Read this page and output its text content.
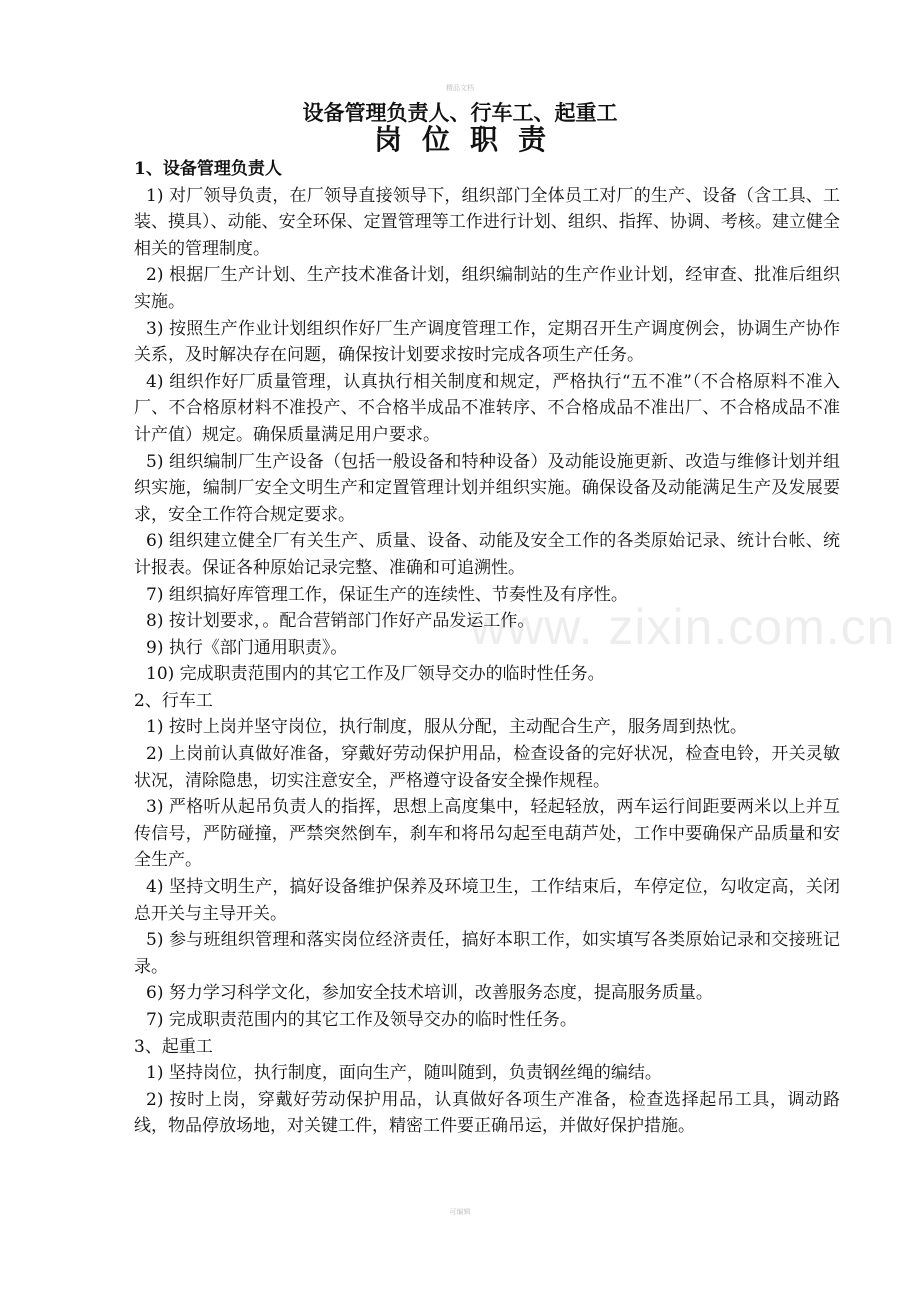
精品文档
www. zixin.com.cn
设备管理负责人、行车工、起重工
岗位职责

1、设备管理负责人

1) 对厂领导负责，在厂领导直接领导下，组织部门全体员工对厂的生产、设备（含工具、工装、摸具）、动能、安全环保、定置管理等工作进行计划、组织、指挥、协调、考核。建立健全相关的管理制度。

2) 根据厂生产计划、生产技术准备计划，组织编制站的生产作业计划，经审查、批准后组织实施。

3) 按照生产作业计划组织作好厂生产调度管理工作，定期召开生产调度例会，协调生产协作关系，及时解决存在问题，确保按计划要求按时完成各项生产任务。

4) 组织作好厂质量管理，认真执行相关制度和规定，严格执行“五不准”（不合格原料不准入厂、不合格原材料不准投产、不合格半成品不准转序、不合格成品不准出厂、不合格成品不准计产值）规定。确保质量满足用户要求。

5) 组织编制厂生产设备（包括一般设备和特种设备）及动能设施更新、改造与维修计划并组织实施，编制厂安全文明生产和定置管理计划并组织实施。确保设备及动能满足生产及发展要求，安全工作符合规定要求。

6) 组织建立健全厂有关生产、质量、设备、动能及安全工作的各类原始记录、统计台帐、统计报表。保证各种原始记录完整、准确和可追溯性。

7) 组织搞好库管理工作，保证生产的连续性、节奏性及有序性。

8) 按计划要求，。配合营销部门作好产品发运工作。

9) 执行《部门通用职责》。

10) 完成职责范围内的其它工作及厂领导交办的临时性任务。

2、行车工

1) 按时上岗并坚守岗位，执行制度，服从分配，主动配合生产，服务周到热忱。

2) 上岗前认真做好准备，穿戴好劳动保护用品，检查设备的完好状况，检查电铃，开关灵敏状况，清除隐患，切实注意安全，严格遵守设备安全操作规程。

3) 严格听从起吊负责人的指挥，思想上高度集中，轻起轻放，两车运行间距要两米以上并互传信号，严防碰撞，严禁突然倒车，刹车和将吊勾起至电葫芦处，工作中要确保产品质量和安全生产。

4) 坚持文明生产，搞好设备维护保养及环境卫生，工作结束后，车停定位，勾收定高，关闭总开关与主导开关。

5) 参与班组织管理和落实岗位经济责任，搞好本职工作，如实填写各类原始记录和交接班记录。

6) 努力学习科学文化，参加安全技术培训，改善服务态度，提高服务质量。

7) 完成职责范围内的其它工作及领导交办的临时性任务。

3、起重工

1) 坚持岗位，执行制度，面向生产，随叫随到，负责钢丝绳的编结。

2) 按时上岗，穿戴好劳动保护用品，认真做好各项生产准备，检查选择起吊工具，调动路线，物品停放场地，对关键工件，精密工件要正确吊运，并做好保护措施。

可编辑
